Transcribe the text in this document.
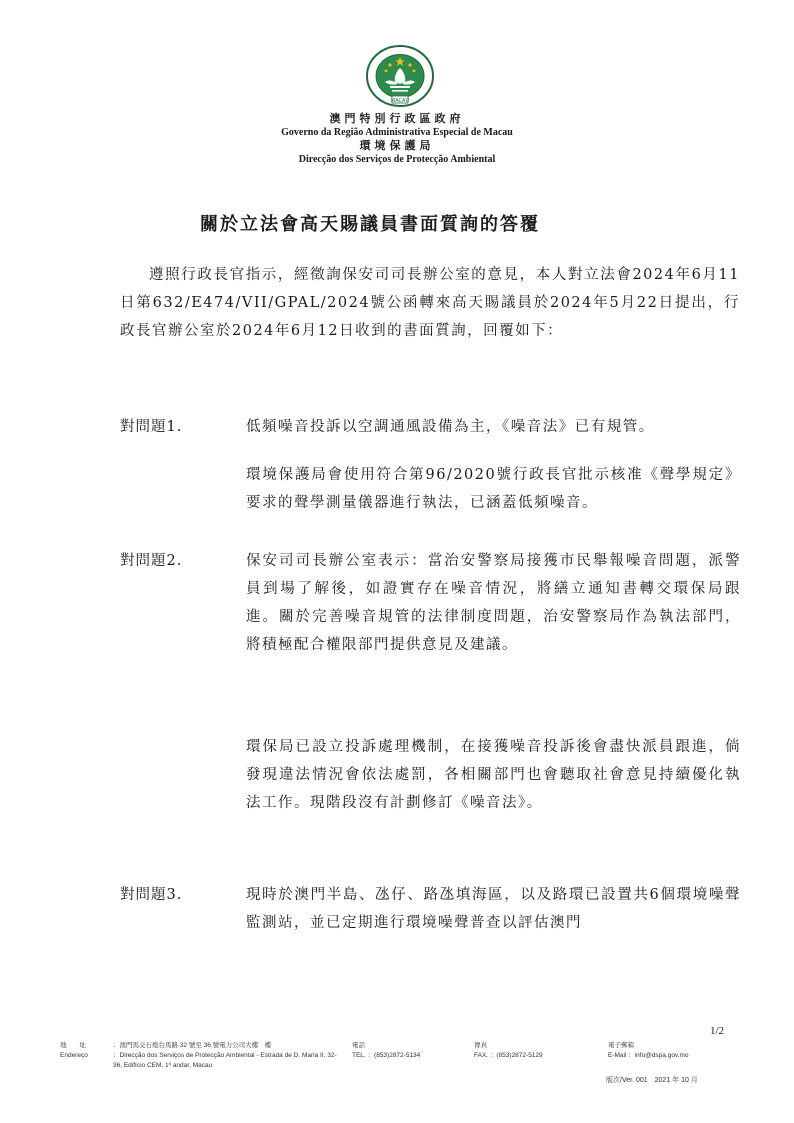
MACAU
澳門特別行政區政府
Governo da Região Administrativa Especial de Macau
環境保護局
Direcção dos Serviços de Protecção Ambiental
關於立法會高天賜議員書面質詢的答覆
遵照行政長官指示，經徵詢保安司司長辦公室的意見，本人對立法會2024年6月11日第632/E474/VII/GPAL/2024號公函轉來高天賜議員於2024年5月22日提出，行政長官辦公室於2024年6月12日收到的書面質詢，回覆如下：
對問題1.	低頻噪音投訴以空調通風設備為主，《噪音法》已有規管。
環境保護局會使用符合第96/2020號行政長官批示核准《聲學規定》要求的聲學測量儀器進行執法，已涵蓋低頻噪音。
對問題2.	保安司司長辦公室表示：當治安警察局接獲市民舉報噪音問題，派警員到場了解後，如證實存在噪音情況，將繕立通知書轉交環保局跟進。關於完善噪音規管的法律制度問題，治安警察局作為執法部門，將積極配合權限部門提供意見及建議。
環保局已設立投訴處理機制，在接獲噪音投訴後會盡快派員跟進，倘發現違法情況會依法處罰，各相關部門也會聽取社會意見持續優化執法工作。現階段沒有計劃修訂《噪音法》。
對問題3.	現時於澳門半島、氹仔、路氹填海區，以及路環已設置共6個環境噪聲監測站，並已定期進行環境噪聲普查以評估澳門
1/2
地　　址
Endereço
：澳門馬交石炮台馬路 32 號至 36 號電力公司大樓　樓
：Direcção dos Serviços de Protecção Ambiental - Estrada de D. Maria II, 32-36, Edifício CEM, 1º andar, Macau
電話
TEL. ：(853)2872-5134
傳真
FAX. ：(853)2872-5129
電子郵箱
E-Mail ：info@dspa.gov.mo
版次/Ver. 001　2021 年 10 月
